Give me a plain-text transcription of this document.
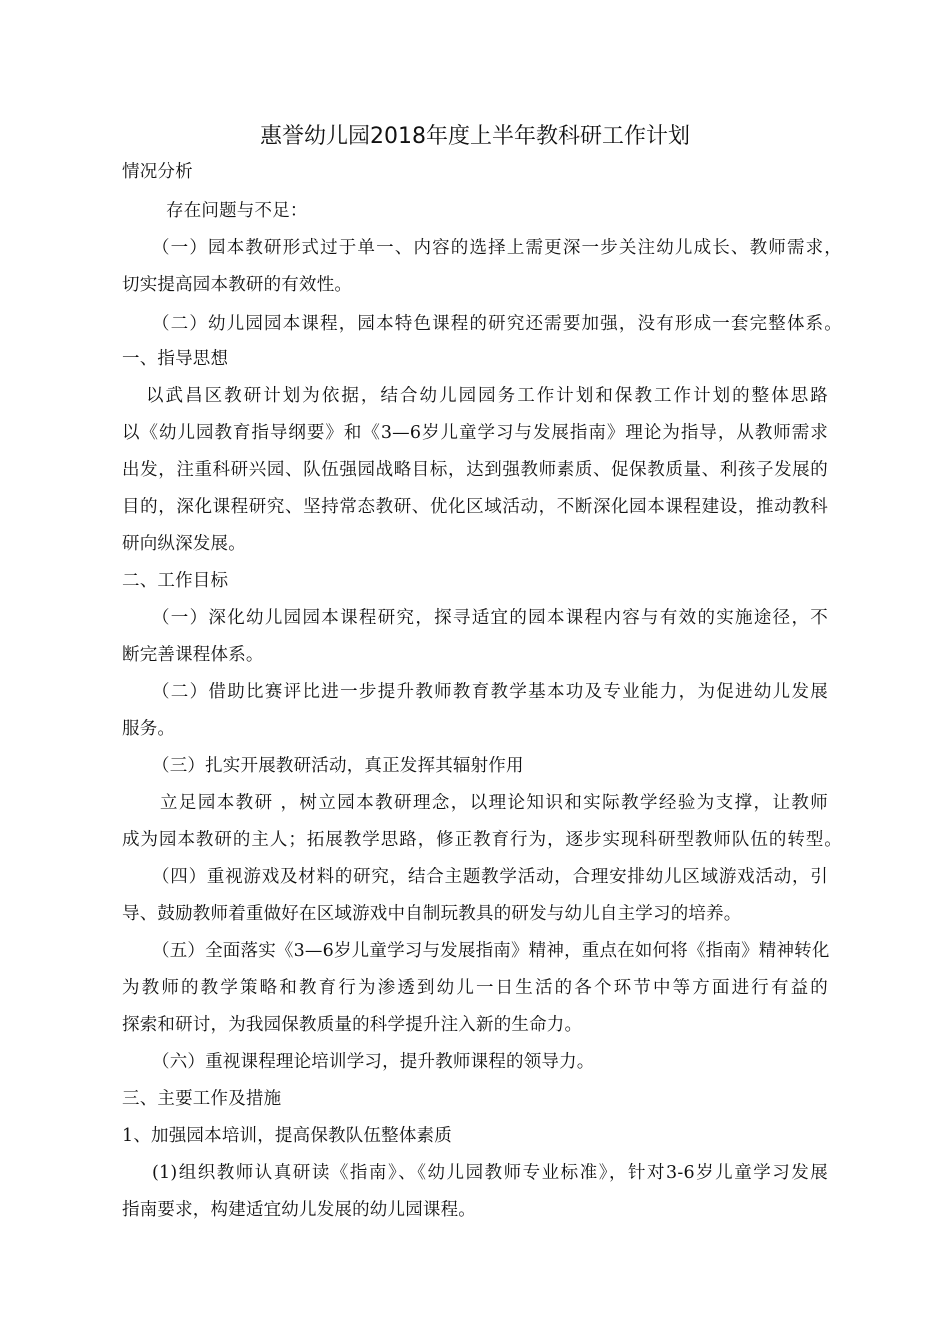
惠誉幼儿园2018年度上半年教科研工作计划
情况分析
存在问题与不足：
（一）园本教研形式过于单一、内容的选择上需更深一步关注幼儿成长、教师需求，
切实提高园本教研的有效性。
（二）幼儿园园本课程，园本特色课程的研究还需要加强，没有形成一套完整体系。
一、指导思想
以武昌区教研计划为依据，结合幼儿园园务工作计划和保教工作计划的整体思路
以《幼儿园教育指导纲要》和《3—6岁儿童学习与发展指南》理论为指导，从教师需求
出发，注重科研兴园、队伍强园战略目标，达到强教师素质、促保教质量、利孩子发展的
目的，深化课程研究、坚持常态教研、优化区域活动，不断深化园本课程建设，推动教科
研向纵深发展。
二、工作目标
（一）深化幼儿园园本课程研究，探寻适宜的园本课程内容与有效的实施途径，不
断完善课程体系。
（二）借助比赛评比进一步提升教师教育教学基本功及专业能力，为促进幼儿发展
服务。
（三）扎实开展教研活动，真正发挥其辐射作用
立足园本教研 ，树立园本教研理念，以理论知识和实际教学经验为支撑，让教师
成为园本教研的主人；拓展教学思路，修正教育行为，逐步实现科研型教师队伍的转型。
（四）重视游戏及材料的研究，结合主题教学活动，合理安排幼儿区域游戏活动，引
导、鼓励教师着重做好在区域游戏中自制玩教具的研发与幼儿自主学习的培养。
（五）全面落实《3—6岁儿童学习与发展指南》精神，重点在如何将《指南》精神转化
为教师的教学策略和教育行为渗透到幼儿一日生活的各个环节中等方面进行有益的
探索和研讨，为我园保教质量的科学提升注入新的生命力。
（六）重视课程理论培训学习，提升教师课程的领导力。
三、主要工作及措施
1、加强园本培训，提高保教队伍整体素质
(1)组织教师认真研读《指南》、《幼儿园教师专业标准》，针对3-6岁儿童学习发展
指南要求，构建适宜幼儿发展的幼儿园课程。
